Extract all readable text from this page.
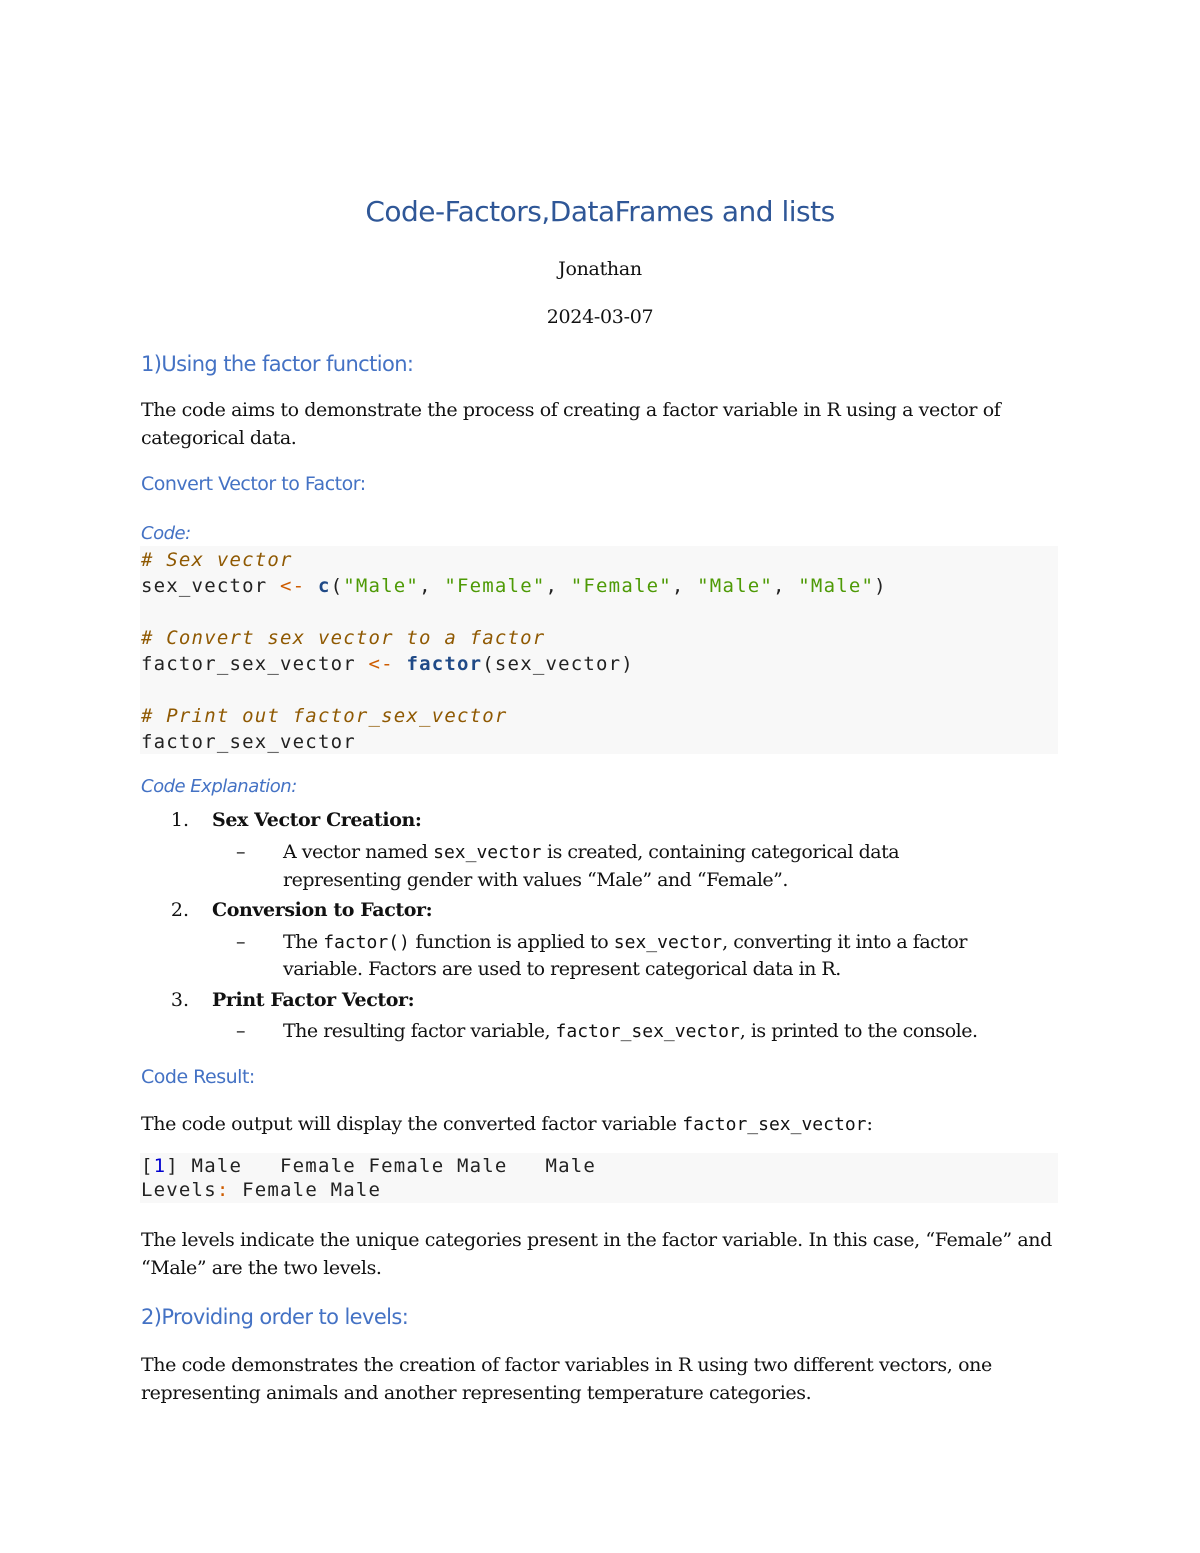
Code-Factors,DataFrames and lists
Jonathan
2024-03-07
1)Using the factor function:
The code aims to demonstrate the process of creating a factor variable in R using a vector of categorical data.
Convert Vector to Factor:
Code:
# Sex vector
sex_vector <- c("Male", "Female", "Female", "Male", "Male")
# Convert sex vector to a factor
factor_sex_vector <- factor(sex_vector)
# Print out factor_sex_vector
factor_sex_vector
Code Explanation:
1. Sex Vector Creation:
– A vector named sex_vector is created, containing categorical data
representing gender with values “Male” and “Female”.
2. Conversion to Factor:
– The factor() function is applied to sex_vector, converting it into a factor
variable. Factors are used to represent categorical data in R.
3. Print Factor Vector:
– The resulting factor variable, factor_sex_vector, is printed to the console.
Code Result:
The code output will display the converted factor variable factor_sex_vector:
[1] Male   Female Female Male   Male
Levels: Female Male
The levels indicate the unique categories present in the factor variable. In this case, “Female” and “Male” are the two levels.
2)Providing order to levels:
The code demonstrates the creation of factor variables in R using two different vectors, one representing animals and another representing temperature categories.
